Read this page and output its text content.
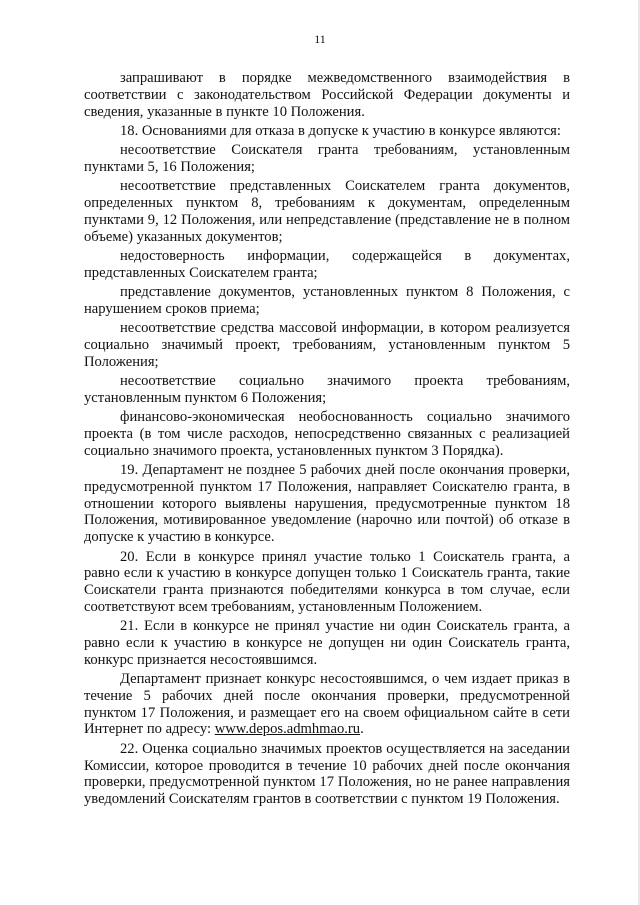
11

запрашивают в порядке межведомственного взаимодействия в соответствии с законодательством Российской Федерации документы и сведения, указанные в пункте 10 Положения.

18. Основаниями для отказа в допуске к участию в конкурсе являются:

несоответствие Соискателя гранта требованиям, установленным пунктами 5, 16 Положения;

несоответствие представленных Соискателем гранта документов, определенных пунктом 8, требованиям к документам, определенным пунктами 9, 12 Положения, или непредставление (представление не в полном объеме) указанных документов;

недостоверность информации, содержащейся в документах, представленных Соискателем гранта;

представление документов, установленных пунктом 8 Положения, с нарушением сроков приема;

несоответствие средства массовой информации, в котором реализуется социально значимый проект, требованиям, установленным пунктом 5 Положения;

несоответствие социально значимого проекта требованиям, установленным пунктом 6 Положения;

финансово-экономическая необоснованность социально значимого проекта (в том числе расходов, непосредственно связанных с реализацией социально значимого проекта, установленных пунктом 3 Порядка).

19. Департамент не позднее 5 рабочих дней после окончания проверки, предусмотренной пунктом 17 Положения, направляет Соискателю гранта, в отношении которого выявлены нарушения, предусмотренные пунктом 18 Положения, мотивированное уведомление (нарочно или почтой) об отказе в допуске к участию в конкурсе.

20. Если в конкурсе принял участие только 1 Соискатель гранта, а равно если к участию в конкурсе допущен только 1 Соискатель гранта, такие Соискатели гранта признаются победителями конкурса в том случае, если соответствуют всем требованиям, установленным Положением.

21. Если в конкурсе не принял участие ни один Соискатель гранта, а равно если к участию в конкурсе не допущен ни один Соискатель гранта, конкурс признается несостоявшимся.

Департамент признает конкурс несостоявшимся, о чем издает приказ в течение 5 рабочих дней после окончания проверки, предусмотренной пунктом 17 Положения, и размещает его на своем официальном сайте в сети Интернет по адресу: www.depos.admhmao.ru.

22. Оценка социально значимых проектов осуществляется на заседании Комиссии, которое проводится в течение 10 рабочих дней после окончания проверки, предусмотренной пунктом 17 Положения, но не ранее направления уведомлений Соискателям грантов в соответствии с пунктом 19 Положения.
